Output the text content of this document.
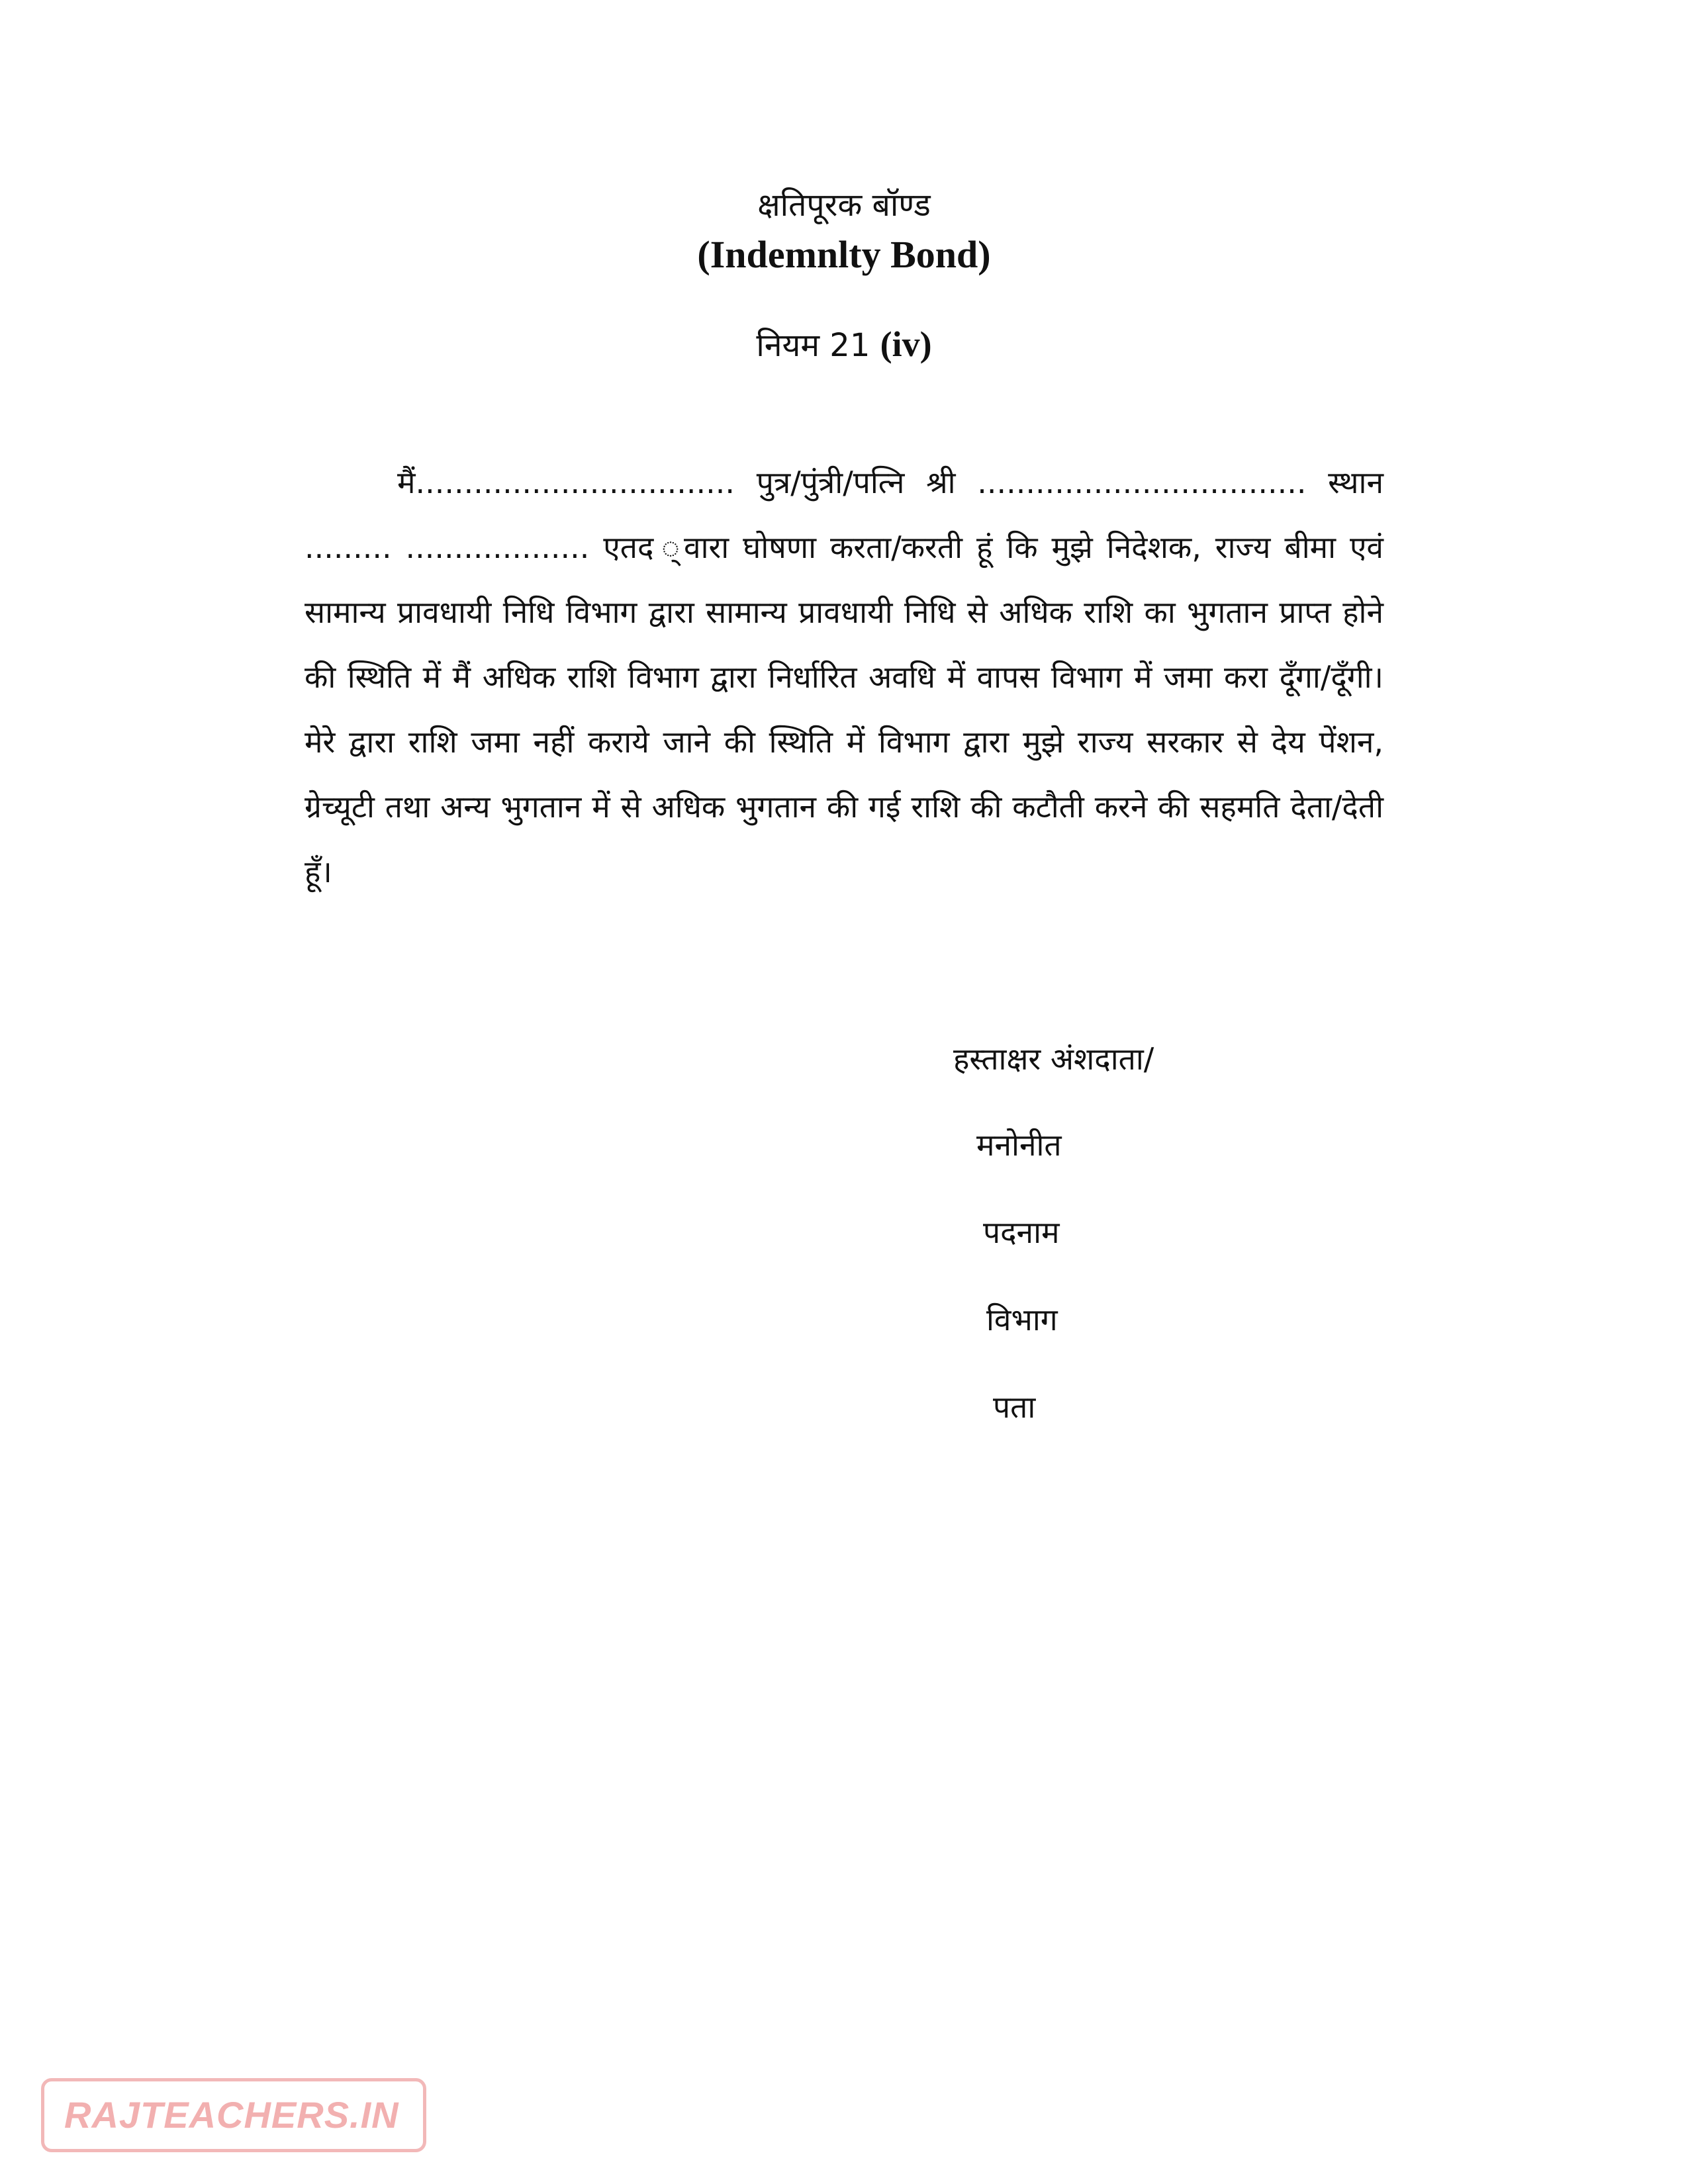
क्षतिपूरक बॉण्ड
(Indemnlty Bond)
नियम 21 (iv)

मैं................................. पुत्र/पुंत्री/पत्नि श्री .................................. स्थान ......... ................... एतद ्वारा घोषणा करता/करती हूं कि मुझे निदेशक, राज्य बीमा एवं सामान्य प्रावधायी निधि विभाग द्वारा सामान्य प्रावधायी निधि से अधिक राशि का भुगतान प्राप्त होने की स्थिति में मैं अधिक राशि विभाग द्वारा निर्धारित अवधि में वापस विभाग में जमा करा दूॅंगा/दूॅंगी। मेरे द्वारा राशि जमा नहीं कराये जाने की स्थिति में विभाग द्वारा मुझे राज्य सरकार से देय पेंशन, ग्रेच्यूटी तथा अन्य भुगतान में से अधिक भुगतान की गई राशि की कटौती करने की सहमति देता/देती हूँ।

हस्ताक्षर अंशदाता/
मनोनीत
पदनाम
विभाग
पता
RAJTEACHERS.IN
